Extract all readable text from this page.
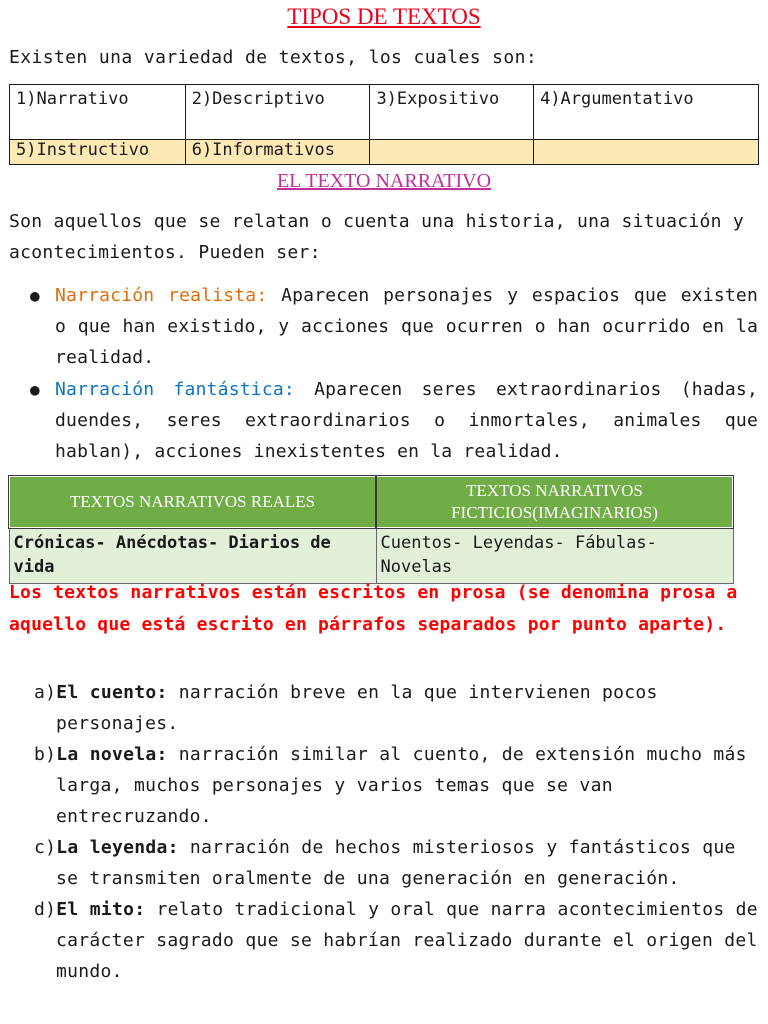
TIPOS DE TEXTOS
Existen una variedad de textos, los cuales son:
1)Narrativo	2)Descriptivo	3)Expositivo	4)Argumentativo
5)Instructivo	6)Informativos		
EL TEXTO NARRATIVO
Son aquellos que se relatan o cuenta una historia, una situación y acontecimientos. Pueden ser:
● Narración realista: Aparecen personajes y espacios que existen o que han existido, y acciones que ocurren o han ocurrido en la realidad.
● Narración fantástica: Aparecen seres extraordinarios (hadas, duendes, seres extraordinarios o inmortales, animales que hablan), acciones inexistentes en la realidad.
TEXTOS NARRATIVOS REALES	TEXTOS NARRATIVOS
FICTICIOS(IMAGINARIOS)
Crónicas- Anécdotas- Diarios de vida	Cuentos- Leyendas- Fábulas- Novelas
Los textos narrativos están escritos en prosa (se denomina prosa a aquello que está escrito en párrafos separados por punto aparte).
a)El cuento: narración breve en la que intervienen pocos personajes.
b)La novela: narración similar al cuento, de extensión mucho más larga, muchos personajes y varios temas que se van entrecruzando.
c)La leyenda: narración de hechos misteriosos y fantásticos que se transmiten oralmente de una generación en generación.
d)El mito: relato tradicional y oral que narra acontecimientos de carácter sagrado que se habrían realizado durante el origen del mundo.
